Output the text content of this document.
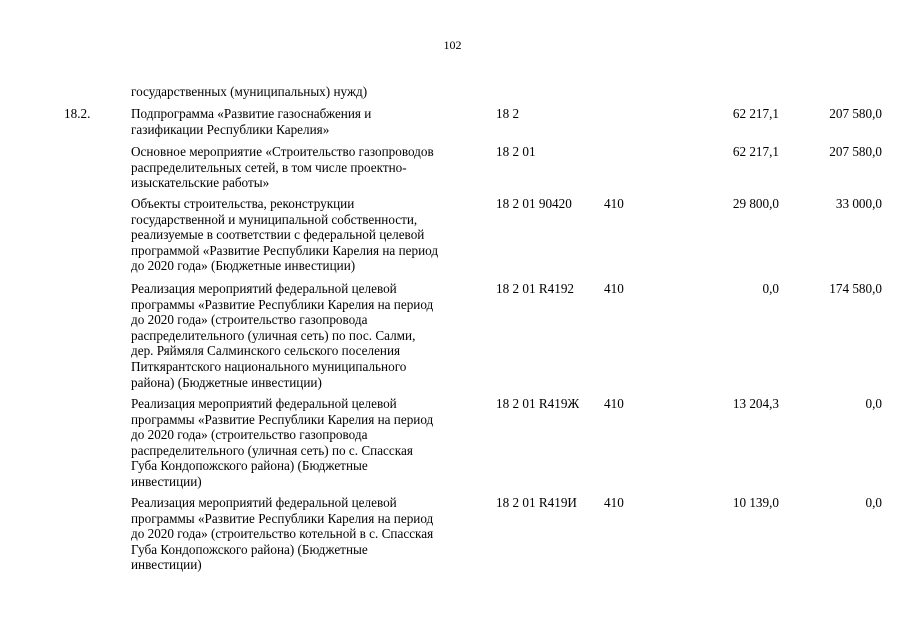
102
государственных (муниципальных) нужд)
18.2.	Подпрограмма «Развитие газоснабжения и
газификации Республики Карелия»
18 2	62 217,1	207 580,0
Основное мероприятие «Строительство газопроводов
распределительных сетей, в том числе проектно-
изыскательские работы»
18 2 01	62 217,1	207 580,0
Объекты строительства, реконструкции
государственной и муниципальной собственности,
реализуемые в соответствии с федеральной целевой
программой «Развитие Республики Карелия на период
до 2020 года» (Бюджетные инвестиции)
18 2 01 90420 410	29 800,0	33 000,0
Реализация мероприятий федеральной целевой
программы «Развитие Республики Карелия на период
до 2020 года» (строительство газопровода
распределительного (уличная сеть) по пос. Салми,
дер. Ряймяля Салминского сельского поселения
Питкярантского национального муниципального
района) (Бюджетные инвестиции)
18 2 01 R4192 410	0,0	174 580,0
Реализация мероприятий федеральной целевой
программы «Развитие Республики Карелия на период
до 2020 года» (строительство газопровода
распределительного (уличная сеть) по с. Спасская
Губа Кондопожского района) (Бюджетные
инвестиции)
18 2 01 R419Ж 410	13 204,3	0,0
Реализация мероприятий федеральной целевой
программы «Развитие Республики Карелия на период
до 2020 года» (строительство котельной в с. Спасская
Губа Кондопожского района) (Бюджетные
инвестиции)
18 2 01 R419И 410	10 139,0	0,0
